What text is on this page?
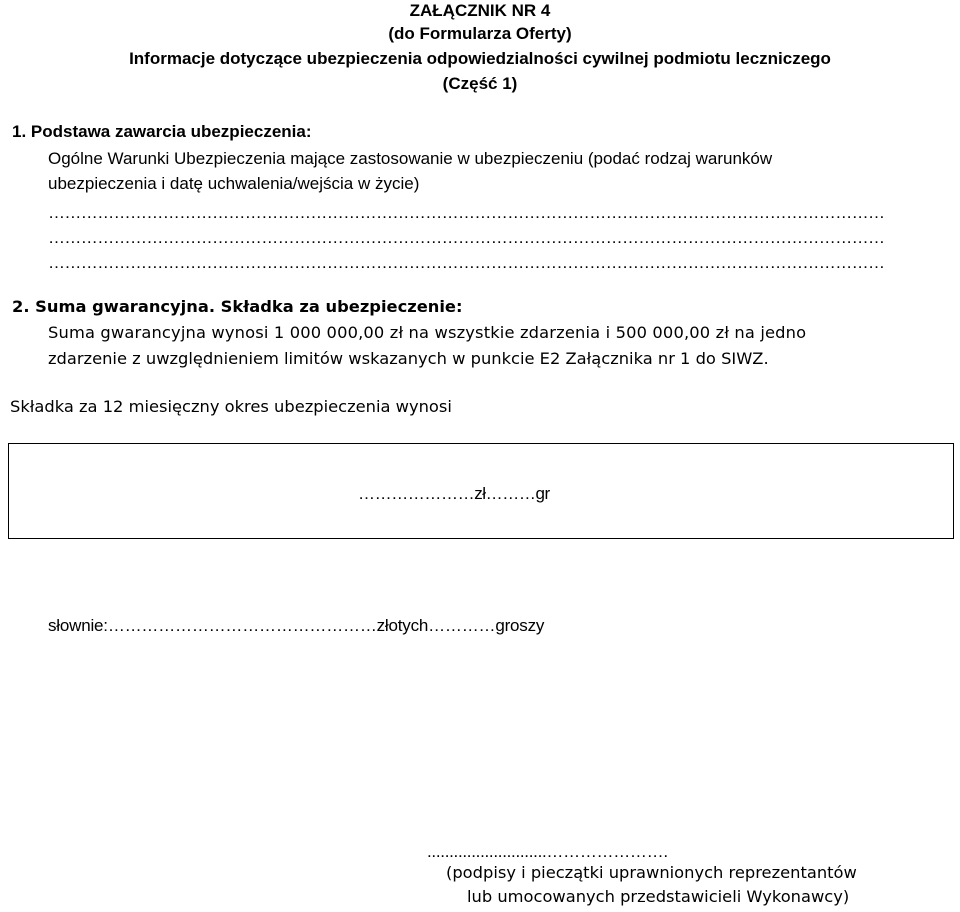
ZAŁĄCZNIK NR 4
(do Formularza Oferty)
Informacje dotyczące ubezpieczenia odpowiedzialności cywilnej podmiotu leczniczego
(Część 1)
1. Podstawa zawarcia ubezpieczenia:
Ogólne Warunki Ubezpieczenia mające zastosowanie w ubezpieczeniu (podać rodzaj warunków
ubezpieczenia i datę uchwalenia/wejścia w życie)
………………………………………………………………………………………………………………………………………
………………………………………………………………………………………………………………………………………
………………………………………………………………………………………………………………………………………
2. Suma gwarancyjna. Składka za ubezpieczenie:
Suma gwarancyjna wynosi 1 000 000,00 zł na wszystkie zdarzenia i 500 000,00 zł na jedno
zdarzenie z uwzględnieniem limitów wskazanych w punkcie E2 Załącznika nr 1 do SIWZ.
Składka za 12 miesięczny okres ubezpieczenia wynosi
…………………zł………gr
słownie:…………………………………………złotych…………groszy
...........................………………….
(podpisy i pieczątki uprawnionych reprezentantów
lub umocowanych przedstawicieli Wykonawcy)
